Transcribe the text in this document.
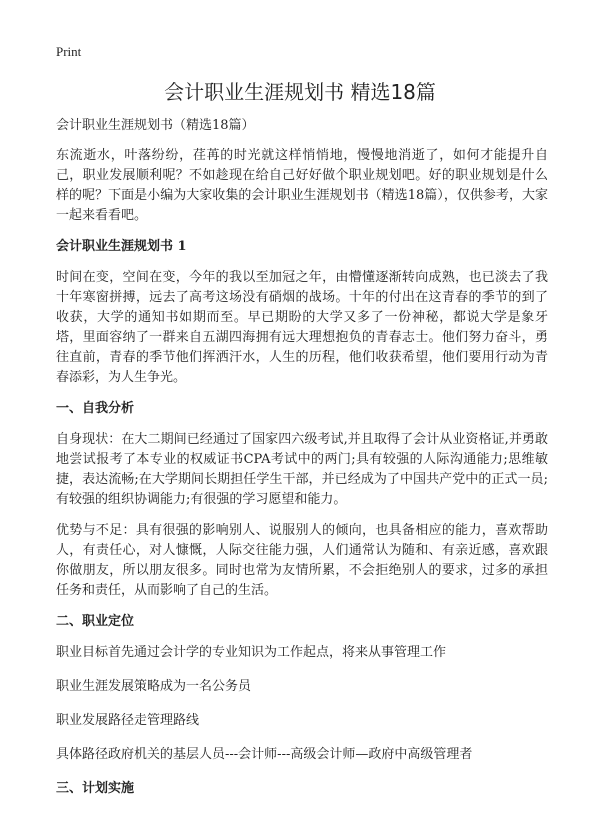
Print
会计职业生涯规划书 精选18篇

会计职业生涯规划书（精选18篇）

东流逝水，叶落纷纷，荏苒的时光就这样悄悄地，慢慢地消逝了，如何才能提升自己，职业发展顺利呢？不如趁现在给自己好好做个职业规划吧。好的职业规划是什么样的呢？下面是小编为大家收集的会计职业生涯规划书（精选18篇），仅供参考，大家一起来看看吧。

会计职业生涯规划书 1

时间在变，空间在变，今年的我以至加冠之年，由懵懂逐渐转向成熟，也已淡去了我十年寒窗拼搏，远去了高考这场没有硝烟的战场。十年的付出在这青春的季节的到了收获，大学的通知书如期而至。早已期盼的大学又多了一份神秘，都说大学是象牙塔，里面容纳了一群来自五湖四海拥有远大理想抱负的青春志士。他们努力奋斗，勇往直前，青春的季节他们挥洒汗水，人生的历程，他们收获希望，他们要用行动为青春添彩，为人生争光。

一、自我分析

自身现状：在大二期间已经通过了国家四六级考试,并且取得了会计从业资格证,并勇敢地尝试报考了本专业的权威证书CPA考试中的两门;具有较强的人际沟通能力;思维敏捷，表达流畅;在大学期间长期担任学生干部，并已经成为了中国共产党中的正式一员;有较强的组织协调能力;有很强的学习愿望和能力。

优势与不足：具有很强的影响别人、说服别人的倾向，也具备相应的能力，喜欢帮助人，有责任心，对人慷慨，人际交往能力强，人们通常认为随和、有亲近感，喜欢跟你做朋友，所以朋友很多。同时也常为友情所累，不会拒绝别人的要求，过多的承担任务和责任，从而影响了自己的生活。

二、职业定位

职业目标首先通过会计学的专业知识为工作起点，将来从事管理工作

职业生涯发展策略成为一名公务员

职业发展路径走管理路线

具体路径政府机关的基层人员---会计师---高级会计师—政府中高级管理者

三、计划实施
